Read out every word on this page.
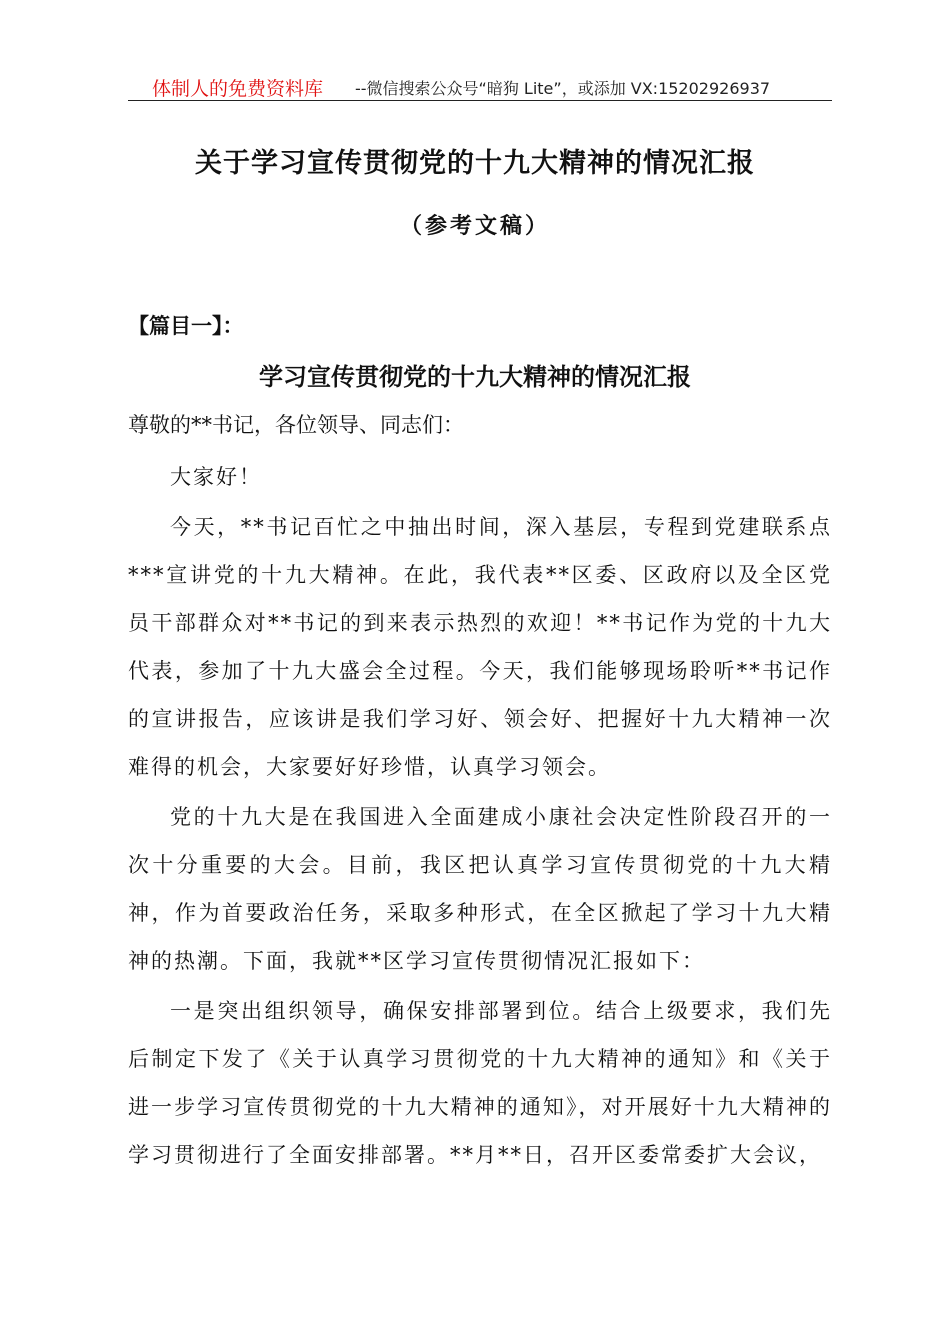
体制人的免费资料库 --微信搜索公众号“暗狗 Lite”，或添加 VX:15202926937
关于学习宣传贯彻党的十九大精神的情况汇报
（参考文稿）
【篇目一】：
学习宣传贯彻党的十九大精神的情况汇报
尊敬的**书记，各位领导、同志们：

大家好！

今天，**书记百忙之中抽出时间，深入基层，专程到党建联系点***宣讲党的十九大精神。在此，我代表**区委、区政府以及全区党员干部群众对**书记的到来表示热烈的欢迎！**书记作为党的十九大代表，参加了十九大盛会全过程。今天，我们能够现场聆听**书记作的宣讲报告，应该讲是我们学习好、领会好、把握好十九大精神一次难得的机会，大家要好好珍惜，认真学习领会。

党的十九大是在我国进入全面建成小康社会决定性阶段召开的一次十分重要的大会。目前，我区把认真学习宣传贯彻党的十九大精神，作为首要政治任务，采取多种形式，在全区掀起了学习十九大精神的热潮。下面，我就**区学习宣传贯彻情况汇报如下：

一是突出组织领导，确保安排部署到位。结合上级要求，我们先后制定下发了《关于认真学习贯彻党的十九大精神的通知》和《关于进一步学习宣传贯彻党的十九大精神的通知》，对开展好十九大精神的学习贯彻进行了全面安排部署。**月**日，召开区委常委扩大会议，
